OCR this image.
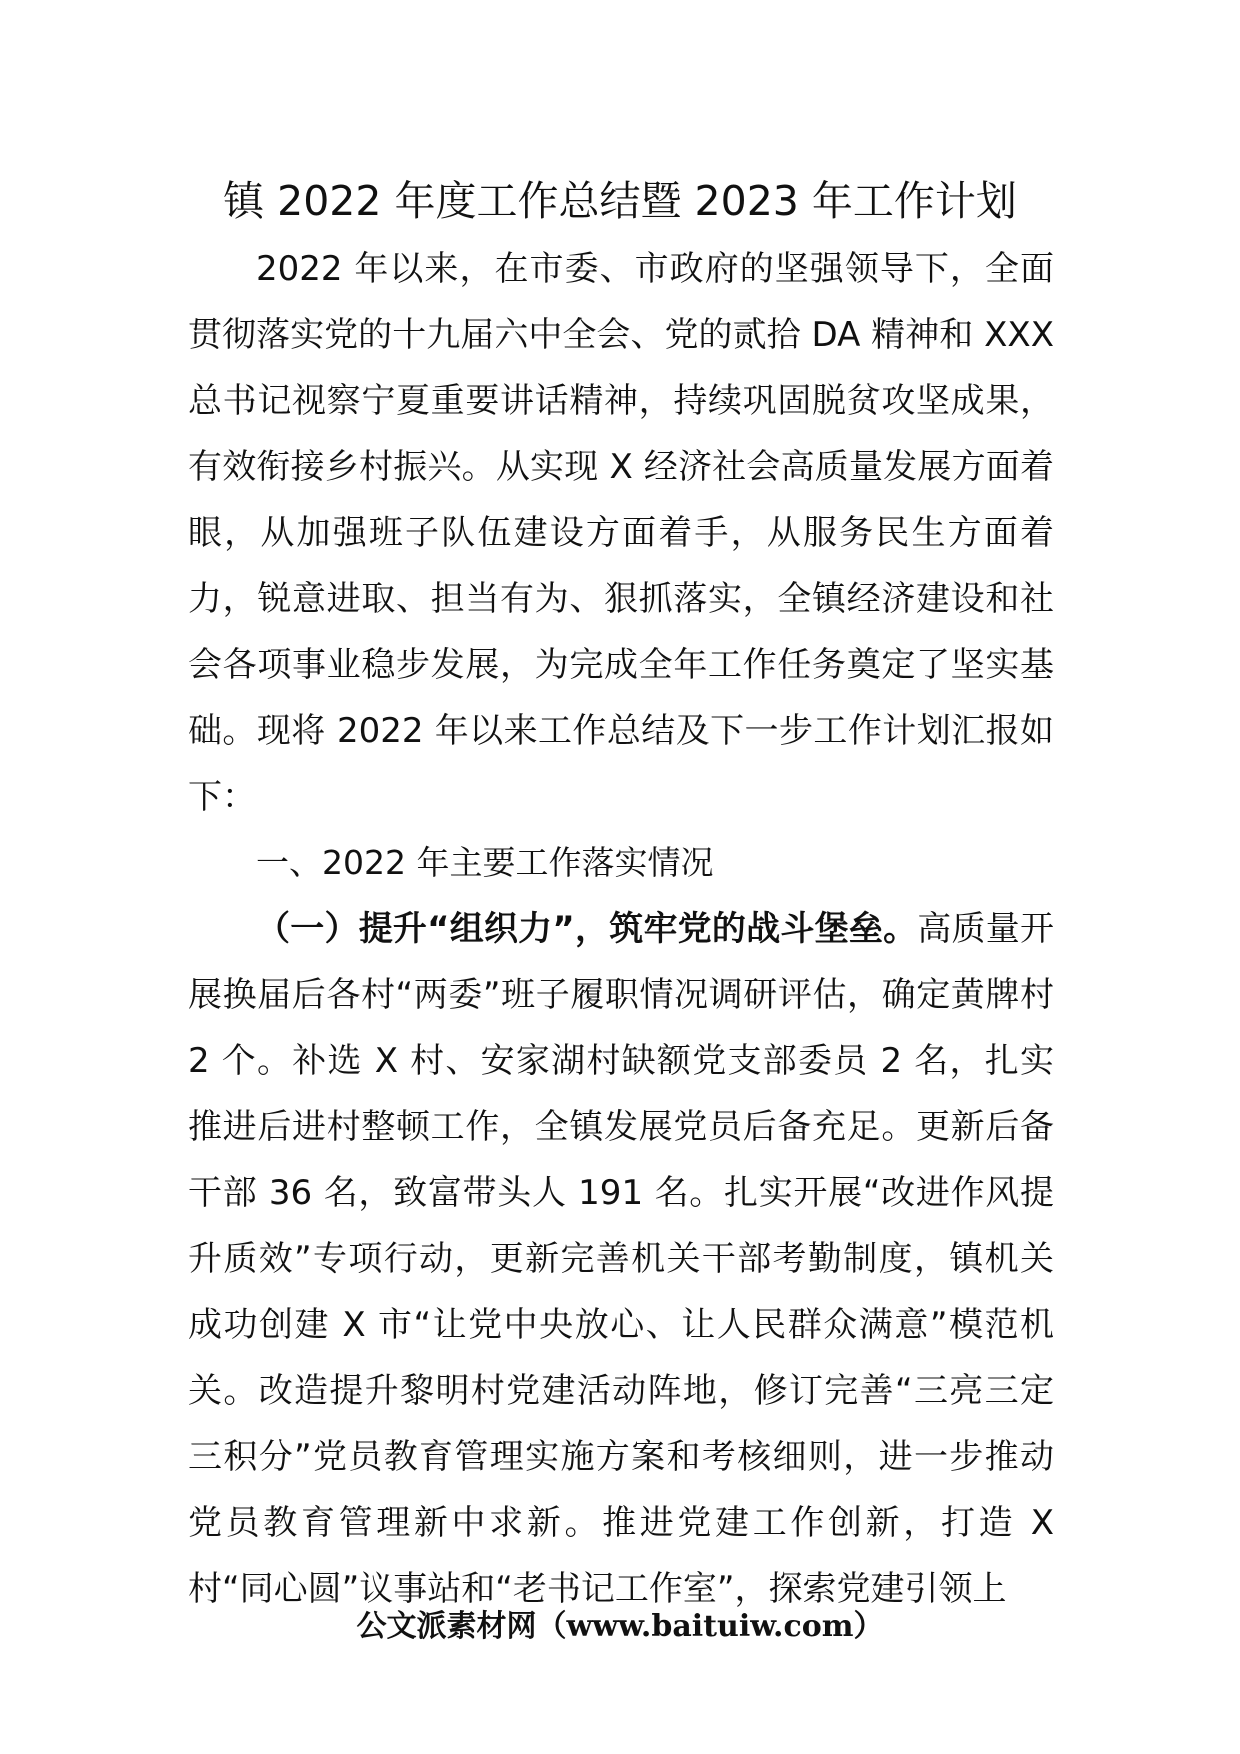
镇 2022 年度工作总结暨 2023 年工作计划

2022 年以来，在市委、市政府的坚强领导下，全面贯彻落实党的十九届六中全会、党的贰拾 DA 精神和 XXX 总书记视察宁夏重要讲话精神，持续巩固脱贫攻坚成果，有效衔接乡村振兴。从实现 X 经济社会高质量发展方面着眼，从加强班子队伍建设方面着手，从服务民生方面着力，锐意进取、担当有为、狠抓落实，全镇经济建设和社会各项事业稳步发展，为完成全年工作任务奠定了坚实基础。现将 2022 年以来工作总结及下一步工作计划汇报如下：

一、2022 年主要工作落实情况

（一）提升“组织力”，筑牢党的战斗堡垒。高质量开展换届后各村“两委”班子履职情况调研评估，确定黄牌村 2 个。补选 X 村、安家湖村缺额党支部委员 2 名，扎实推进后进村整顿工作，全镇发展党员后备充足。更新后备干部 36 名，致富带头人 191 名。扎实开展“改进作风提升质效”专项行动，更新完善机关干部考勤制度，镇机关成功创建 X 市“让党中央放心、让人民群众满意”模范机关。改造提升黎明村党建活动阵地，修订完善“三亮三定三积分”党员教育管理实施方案和考核细则，进一步推动党员教育管理新中求新。推进党建工作创新，打造 X 村“同心圆”议事站和“老书记工作室”，探索党建引领上

公文派素材网（www.baituiw.com）
